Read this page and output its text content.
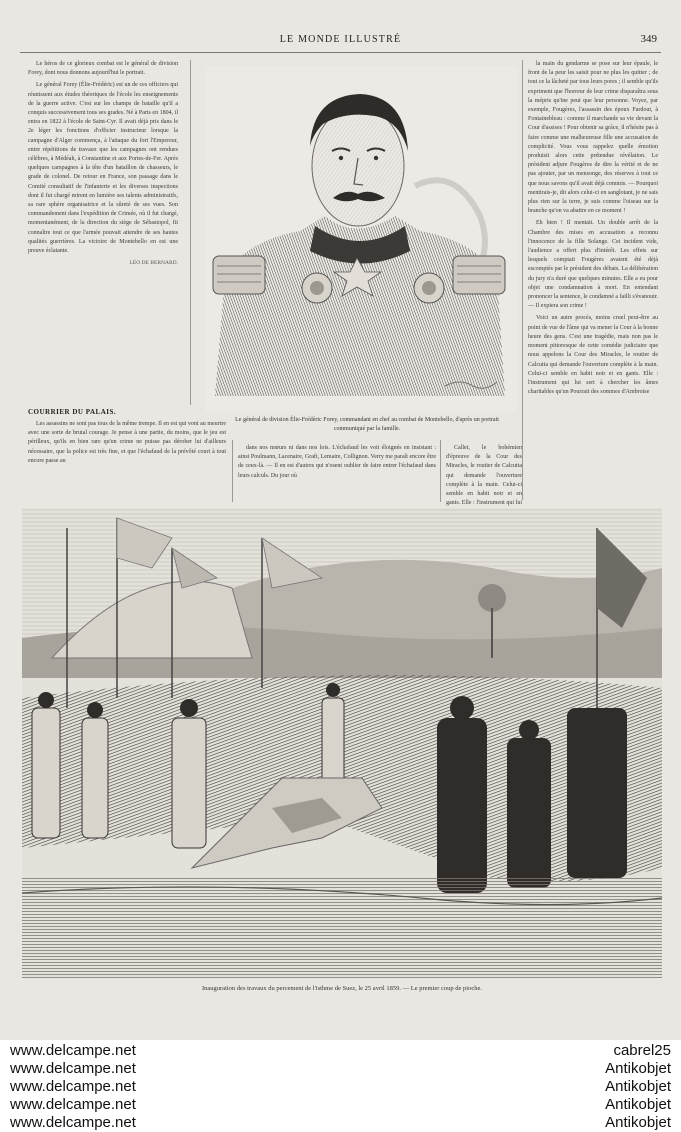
LE MONDE ILLUSTRÉ	349

Le héros de ce glorieux combat est le général de division Forey, dont nous donnons aujourd'hui le portrait.

Le général Forey (Élie-Frédéric) est un de ces officiers qui réunissent aux études théoriques de l'école les enseignements de la guerre active. C'est sur les champs de bataille qu'il a conquis successivement tous ses grades. Né à Paris en 1804, il entra en 1822 à l'école de Saint-Cyr. Il avait déjà pris dans le 2e léger les fonctions d'officier instructeur lorsque la campagne d'Alger commença, à l'attaque du fort l'Empereur, entre répétitions de travaux que les campagnes ont rendues célèbres, à Médéah, à Constantine et aux Portes-de-Fer. Après quelques campagnes à la tête d'un bataillon de chasseurs, le grade de colonel. De retour en France, son passage dans le Comité consultatif de l'infanterie et les diverses inspections dont il fut chargé mirent en lumière ses talents administratifs, sa rare sphère organisatrice et la sûreté de ses vues. Son commandement dans l'expédition de Crimée, où il fut chargé, momentanément, de la direction du siège de Sébastopol, fit connaître tout ce que l'armée pouvait attendre de ses hautes qualités guerrières. La victoire de Montebello en est une preuve éclatante.

LÉO DE BERNARD.
COURRIER DU PALAIS.

Les assassins ne sont pas tous de la même trempe. Il en est qui vont au meurtre avec une sorte de brutal courage. Je pense à une partie, du moins, que le jeu est périlleux, qu'ils en bien rare qu'un crime ne puisse pas dérober lui d'ailleurs nécessaire, que la police est très fine, et que l'échafaud de la prévôté court à tout encore passe au

dans nos mœurs ni dans nos lois. L'échafaud les voit éloignés en insistant : ainsi Poulmann, Lacenaire, Graft, Lemaire, Collignon. Verry me paraît encore être de ceux-là. — Il en est d'autres qui n'osent oublier de faire entrer l'échafaud dans leurs calculs. Du jour où

Callet, le bohémien d'épreuve de la Cour des Miracles, le routier de Calcutta qui demande l'ouverture complète à la main. Celui-ci semble en habit noir et en gants. Elle : l'instrument qui lui

la main du gendarme se pose sur leur épaule, le front de la peur les saisit pour ne plus les quitter ; de tout ce la lâcheté par tous leurs pores ; il semble qu'ils expriment que l'horreur de leur crime disparaîtra sous la mépris qu'ine peut que leur personne. Voyez, par exemple, Fougères, l'assassin des époux Fardout, à Fontainebleau : comme il marchande sa vie devant la Cour d'assises ! Pour obtenir sa grâce, il n'hésite pas à faire comme une malheureuse fille une accusation de complicité. Vous vous rappelez quelle émotion produisit alors cette prétendue révélation. Le président adjure Fougères de dire la vérité et de ne pas ajouter, par un mensonge, des réserves à tout ce que nous savons qu'il avait déjà commis. — Pourquoi mentirais-je, dit alors celui-ci en sanglotant, je ne sais plus rien sur la terre, je suis comme l'oiseau sur la branche qu'on va abattre en ce moment !

Eh bien ! Il mentait. Un double arrêt de la Chambre des mises en accusation a reconnu l'innocence de la fille Solange. Cet incident vide, l'audience a offert plus d'intérêt. Les effets sur lesquels comptait Fougères avaient été déjà escomptés par le président des débats. La délibération du jury n'a duré que quelques minutes. Elle a eu pour objet une condamnation à mort. En entendant prononcer la sentence, le condamné a failli s'évanouir. — Il expiera son crime !

Voici un autre procès, moins cruel peut-être au point de vue de l'âme qui va mener la Cour à la bonne heure des gens. C'est une tragédie, mais non pas le moment pittoresque de cette comédie judiciaire que nous appelons la Cour des Miracles, le routier de Calcutta qui demande l'ouverture complète à la main. Celui-ci semble en habit noir et en gants. Elle : l'instrument qui lui sert à chercher les âmes charitables qu'un Pourrait des sommes d'Ambroise

Le général de division Élie-Frédéric Forey, commandant en chef au combat de Montebello, d'après un portrait communiqué par la famille.
Inauguration des travaux du percement de l'isthme de Suez, le 25 avril 1859. — Le premier coup de pioche.
www.delcampe.net
www.delcampe.net
www.delcampe.net
www.delcampe.net
www.delcampe.net
cabrel25
Antikobjet
Antikobjet
Antikobjet
Antikobjet
